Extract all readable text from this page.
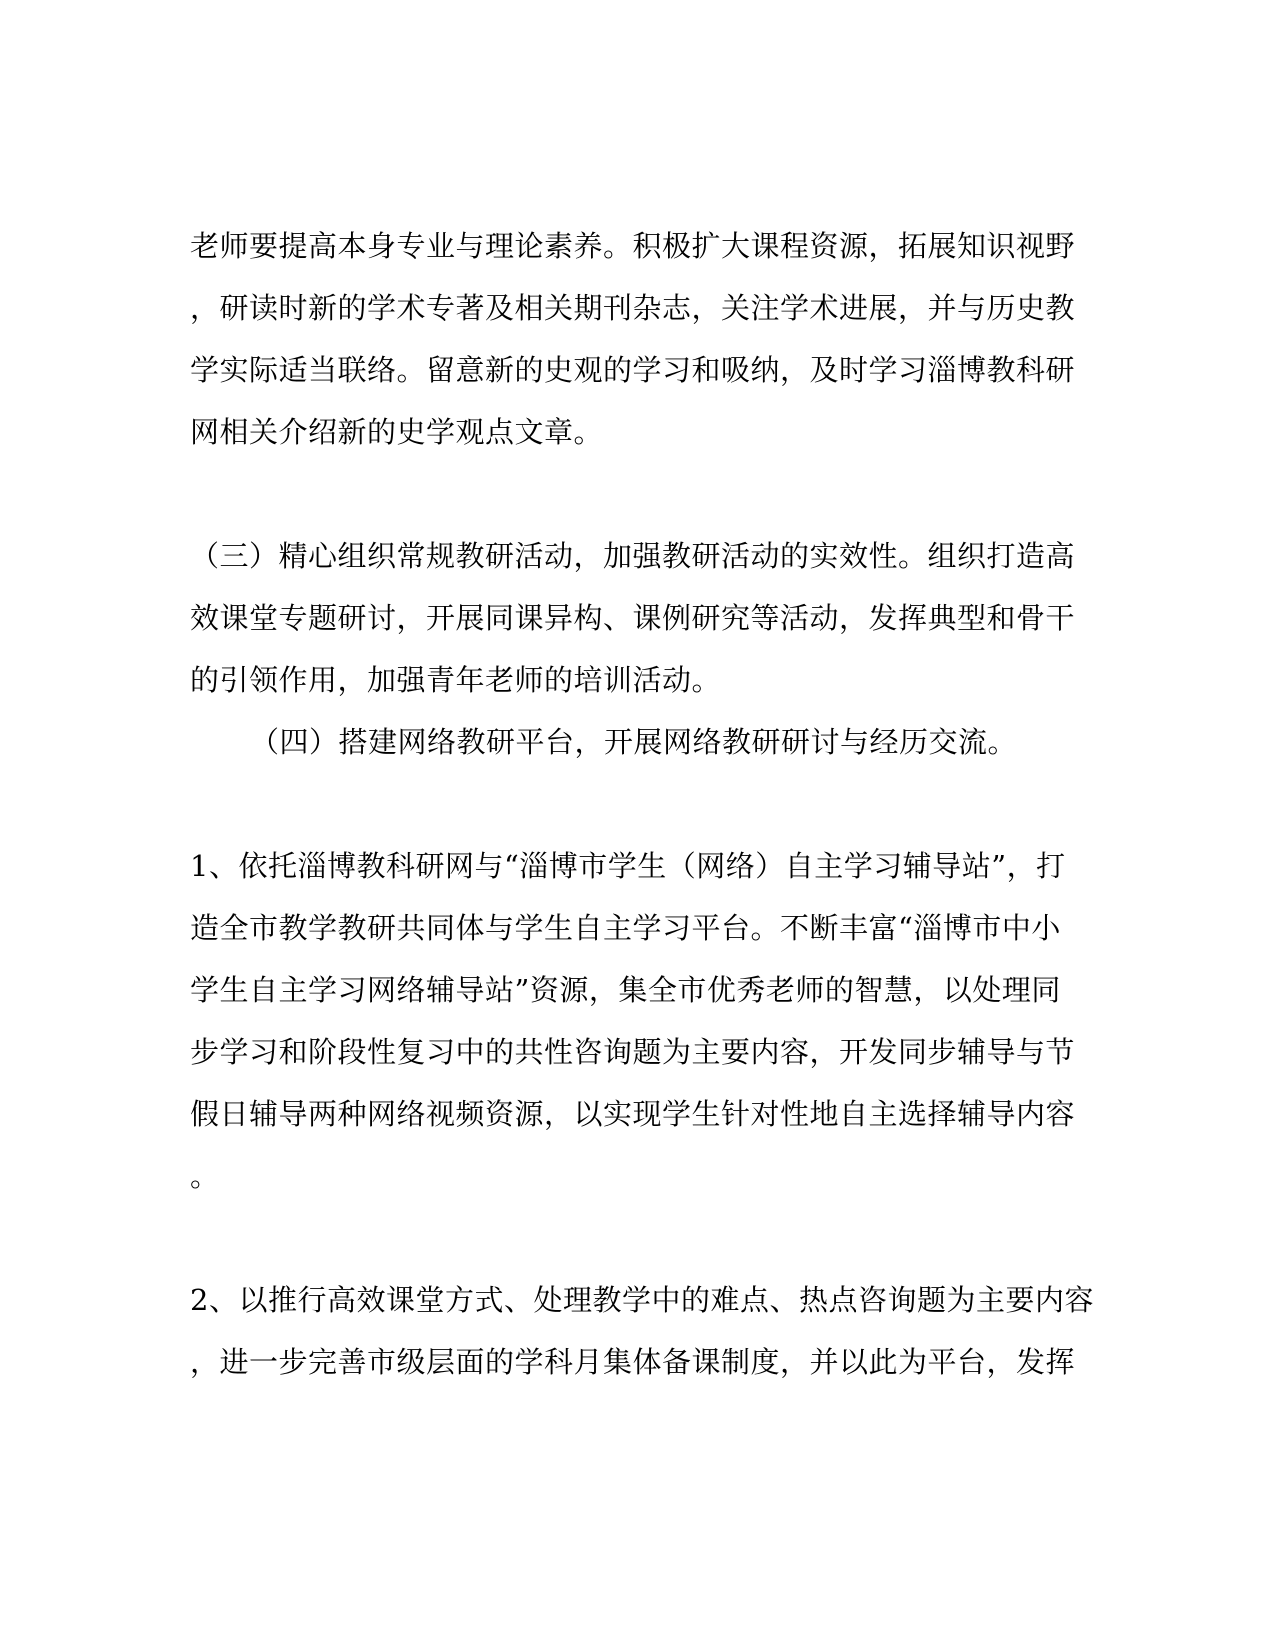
老师要提高本身专业与理论素养。积极扩大课程资源，拓展知识视野
，研读时新的学术专著及相关期刊杂志，关注学术进展，并与历史教
学实际适当联络。留意新的史观的学习和吸纳，及时学习淄博教科研
网相关介绍新的史学观点文章。
（三）精心组织常规教研活动，加强教研活动的实效性。组织打造高
效课堂专题研讨，开展同课异构、课例研究等活动，发挥典型和骨干
的引领作用，加强青年老师的培训活动。
（四）搭建网络教研平台，开展网络教研研讨与经历交流。
1、依托淄博教科研网与“淄博市学生（网络）自主学习辅导站”，打
造全市教学教研共同体与学生自主学习平台。不断丰富“淄博市中小
学生自主学习网络辅导站”资源，集全市优秀老师的智慧，以处理同
步学习和阶段性复习中的共性咨询题为主要内容，开发同步辅导与节
假日辅导两种网络视频资源，以实现学生针对性地自主选择辅导内容
。
2、以推行高效课堂方式、处理教学中的难点、热点咨询题为主要内容
，进一步完善市级层面的学科月集体备课制度，并以此为平台，发挥
